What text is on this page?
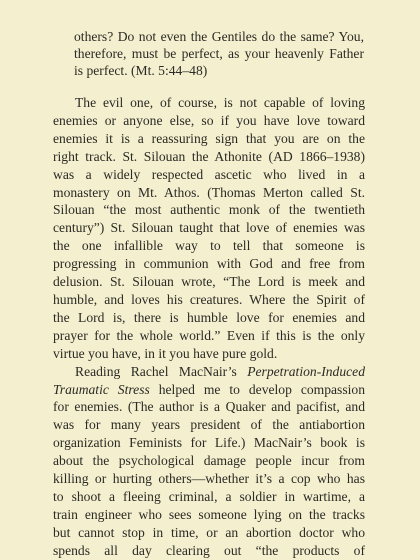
others? Do not even the Gentiles do the same? You,
therefore, must be perfect, as your heavenly Father
is perfect. (Mt. 5:44–48)
The evil one, of course, is not capable of loving
enemies or anyone else, so if you have love toward
enemies it is a reassuring sign that you are on the
right track. St. Silouan the Athonite (AD 1866–1938)
was a widely respected ascetic who lived in a
monastery on Mt. Athos. (Thomas Merton called St.
Silouan “the most authentic monk of the twentieth
century”) St. Silouan taught that love of enemies was
the one infallible way to tell that someone is
progressing in communion with God and free from
delusion. St. Silouan wrote, “The Lord is meek and
humble, and loves his creatures. Where the Spirit of
the Lord is, there is humble love for enemies and
prayer for the whole world.” Even if this is the only
virtue you have, in it you have pure gold.
Reading Rachel MacNair’s Perpetration-Induced
Traumatic Stress helped me to develop compassion
for enemies. (The author is a Quaker and pacifist, and
was for many years president of the antiabortion
organization Feminists for Life.) MacNair’s book is
about the psychological damage people incur from
killing or hurting others—whether it’s a cop who has
to shoot a fleeing criminal, a soldier in wartime, a
train engineer who sees someone lying on the tracks
but cannot stop in time, or an abortion doctor who
spends all day clearing out “the products of
